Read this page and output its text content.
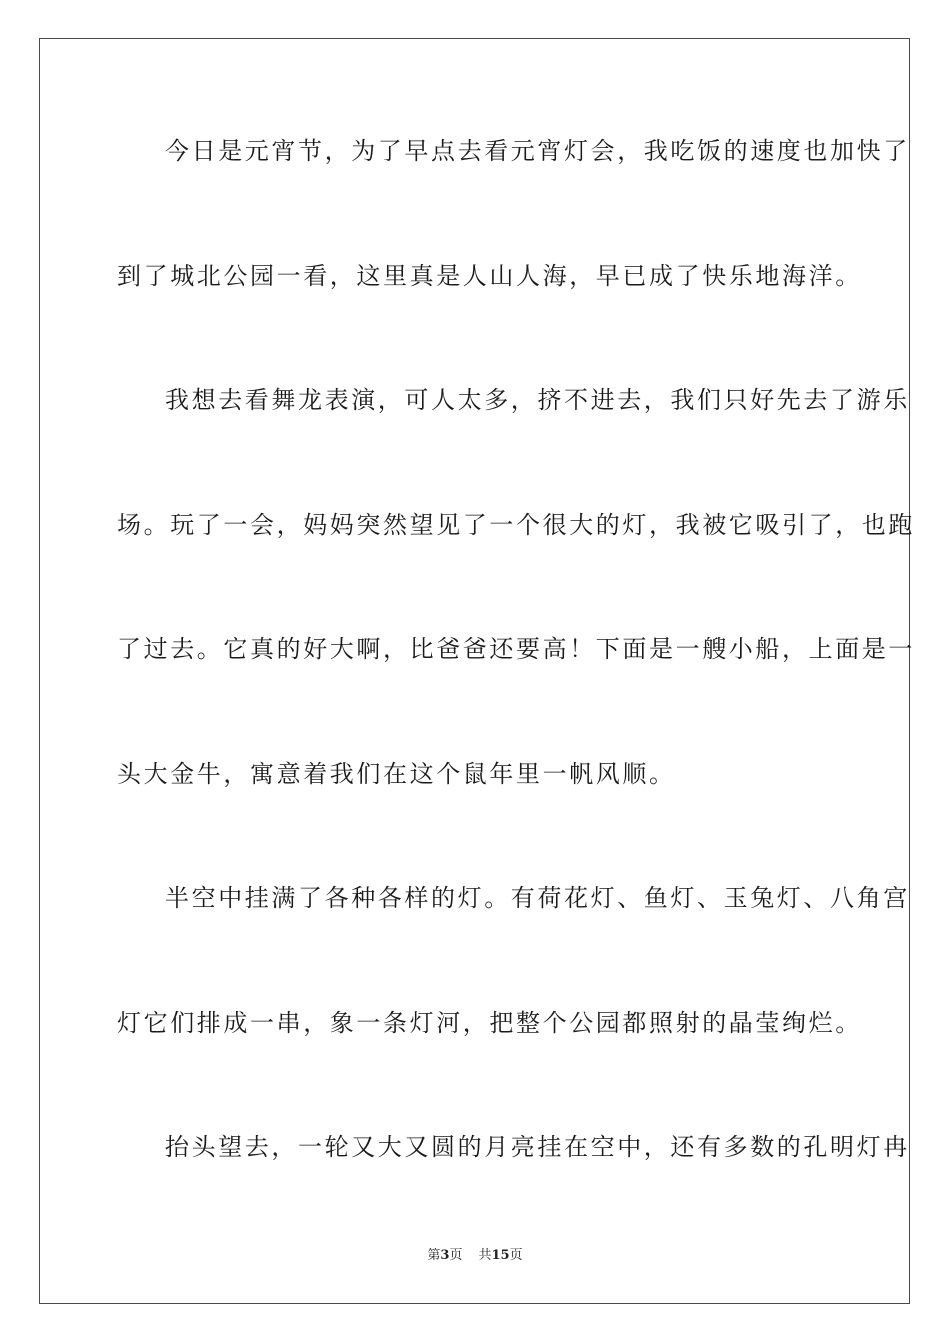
今日是元宵节，为了早点去看元宵灯会，我吃饭的速度也加快了
到了城北公园一看，这里真是人山人海，早已成了快乐地海洋。
我想去看舞龙表演，可人太多，挤不进去，我们只好先去了游乐
场。玩了一会，妈妈突然望见了一个很大的灯，我被它吸引了，也跑
了过去。它真的好大啊，比爸爸还要高！下面是一艘小船，上面是一
头大金牛，寓意着我们在这个鼠年里一帆风顺。
半空中挂满了各种各样的灯。有荷花灯、鱼灯、玉兔灯、八角宫
灯它们排成一串，象一条灯河，把整个公园都照射的晶莹绚烂。
抬头望去，一轮又大又圆的月亮挂在空中，还有多数的孔明灯冉
第3页 共15页
